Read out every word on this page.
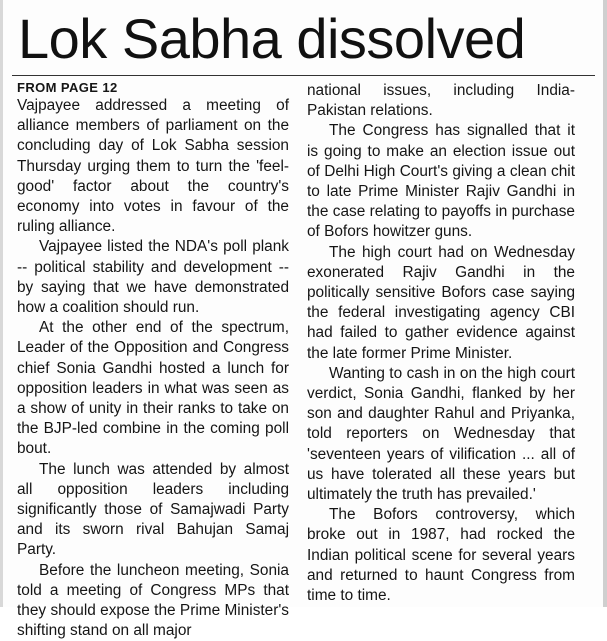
Lok Sabha dissolved
FROM PAGE 12

Vajpayee addressed a meeting of alliance members of parliament on the concluding day of Lok Sabha session Thursday urging them to turn the 'feel-good' factor about the country's economy into votes in favour of the ruling alliance.

Vajpayee listed the NDA's poll plank -- political stability and development -- by saying that we have demonstrated how a coalition should run.

At the other end of the spectrum, Leader of the Opposition and Congress chief Sonia Gandhi hosted a lunch for opposition leaders in what was seen as a show of unity in their ranks to take on the BJP-led combine in the coming poll bout.

The lunch was attended by almost all opposition leaders including significantly those of Samajwadi Party and its sworn rival Bahujan Samaj Party.

Before the luncheon meeting, Sonia told a meeting of Congress MPs that they should expose the Prime Minister's shifting stand on all major

national issues, including India-Pakistan relations.

The Congress has signalled that it is going to make an election issue out of Delhi High Court's giving a clean chit to late Prime Minister Rajiv Gandhi in the case relating to payoffs in purchase of Bofors howitzer guns.

The high court had on Wednesday exonerated Rajiv Gandhi in the politically sensitive Bofors case saying the federal investigating agency CBI had failed to gather evidence against the late former Prime Minister.

Wanting to cash in on the high court verdict, Sonia Gandhi, flanked by her son and daughter Rahul and Priyanka, told reporters on Wednesday that 'seventeen years of vilification ... all of us have tolerated all these years but ultimately the truth has prevailed.'

The Bofors controversy, which broke out in 1987, had rocked the Indian political scene for several years and returned to haunt Congress from time to time.
